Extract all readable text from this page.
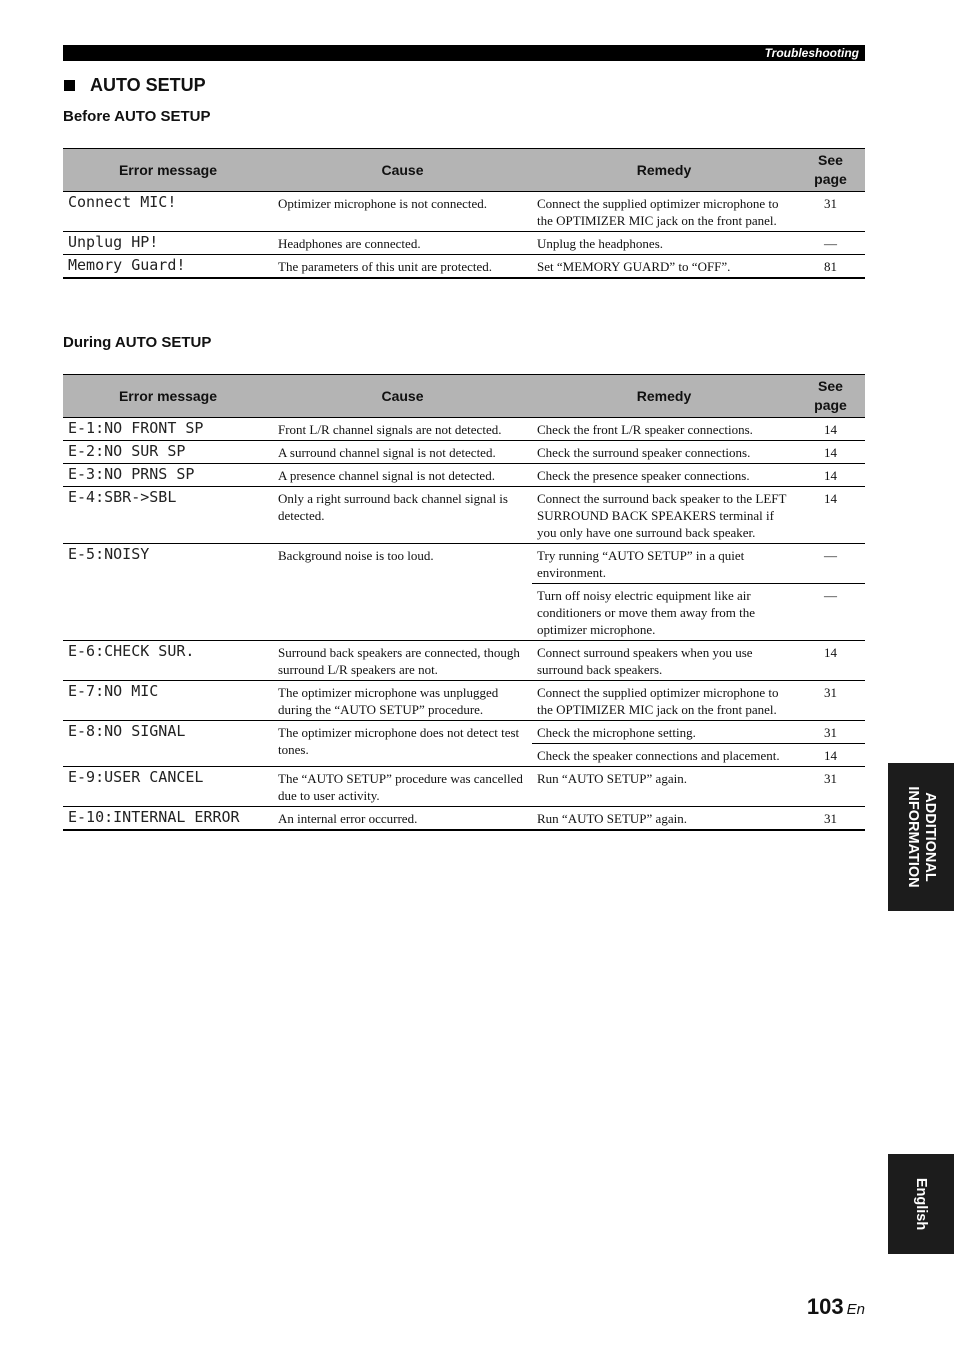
Troubleshooting
AUTO SETUP
Before AUTO SETUP
Error message	Cause	Remedy	See
page
Connect MIC!	Optimizer microphone is not connected.	Connect the supplied optimizer microphone to the OPTIMIZER MIC jack on the front panel.	31
Unplug HP!	Headphones are connected.	Unplug the headphones.	—
Memory Guard!	The parameters of this unit are protected.	Set “MEMORY GUARD” to “OFF”.	81
During AUTO SETUP
Error message	Cause	Remedy	See
page
E-1:NO FRONT SP	Front L/R channel signals are not detected.	Check the front L/R speaker connections.	14
E-2:NO SUR SP	A surround channel signal is not detected.	Check the surround speaker connections.	14
E-3:NO PRNS SP	A presence channel signal is not detected.	Check the presence speaker connections.	14
E-4:SBR->SBL	Only a right surround back channel signal is detected.	Connect the surround back speaker to the LEFT SURROUND BACK SPEAKERS terminal if you only have one surround back speaker.	14
E-5:NOISY	Background noise is too loud.	Try running “AUTO SETUP” in a quiet environment.	—
		Turn off noisy electric equipment like air conditioners or move them away from the optimizer microphone.	—
E-6:CHECK SUR.	Surround back speakers are connected, though surround L/R speakers are not.	Connect surround speakers when you use surround back speakers.	14
E-7:NO MIC	The optimizer microphone was unplugged during the “AUTO SETUP” procedure.	Connect the supplied optimizer microphone to the OPTIMIZER MIC jack on the front panel.	31
E-8:NO SIGNAL	The optimizer microphone does not detect test tones.	Check the microphone setting.	31
		Check the speaker connections and placement.	14
E-9:USER CANCEL	The “AUTO SETUP” procedure was cancelled due to user activity.	Run “AUTO SETUP” again.	31
E-10:INTERNAL ERROR	An internal error occurred.	Run “AUTO SETUP” again.	31	ADDITIONAL
INFORMATION
English
103 En
